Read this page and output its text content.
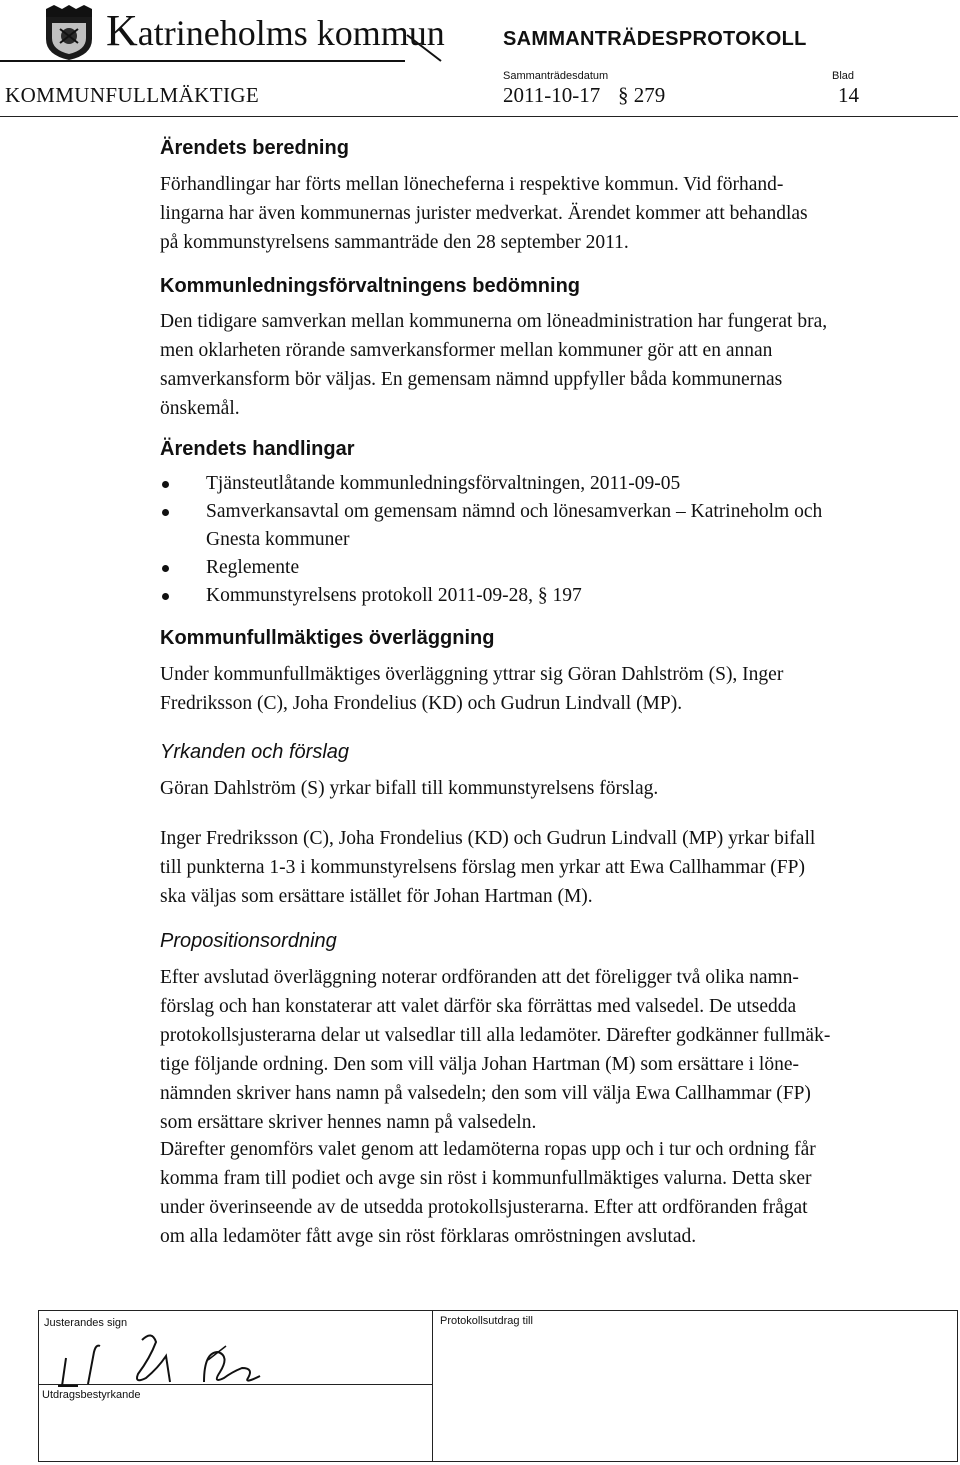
Katrineholms kommun	SAMMANTRÄDESPROTOKOLL
KOMMUNFULLMÄKTIGE
Sammanträdesdatum
2011-10-17 § 279
Blad
14
Ärendets beredning
Förhandlingar har förts mellan lönecheferna i respektive kommun. Vid förhand-
lingarna har även kommunernas jurister medverkat. Ärendet kommer att behandlas
på kommunstyrelsens sammanträde den 28 september 2011.
Kommunledningsförvaltningens bedömning
Den tidigare samverkan mellan kommunerna om löneadministration har fungerat bra,
men oklarheten rörande samverkansformer mellan kommuner gör att en annan
samverkansform bör väljas. En gemensam nämnd uppfyller båda kommunernas
önskemål.
Ärendets handlingar
Tjänsteutlåtande kommunledningsförvaltningen, 2011-09-05
Samverkansavtal om gemensam nämnd och lönesamverkan – Katrineholm och
Gnesta kommuner
Reglemente
Kommunstyrelsens protokoll 2011-09-28, § 197
Kommunfullmäktiges överläggning
Under kommunfullmäktiges överläggning yttrar sig Göran Dahlström (S), Inger
Fredriksson (C), Joha Frondelius (KD) och Gudrun Lindvall (MP).
Yrkanden och förslag
Göran Dahlström (S) yrkar bifall till kommunstyrelsens förslag.
Inger Fredriksson (C), Joha Frondelius (KD) och Gudrun Lindvall (MP) yrkar bifall
till punkterna 1-3 i kommunstyrelsens förslag men yrkar att Ewa Callhammar (FP)
ska väljas som ersättare istället för Johan Hartman (M).
Propositionsordning
Efter avslutad överläggning noterar ordföranden att det föreligger två olika namn-
förslag och han konstaterar att valet därför ska förrättas med valsedel. De utsedda
protokollsjusterarna delar ut valsedlar till alla ledamöter. Därefter godkänner fullmäk-
tige följande ordning. Den som vill välja Johan Hartman (M) som ersättare i löne-
nämnden skriver hans namn på valsedeln; den som vill välja Ewa Callhammar (FP)
som ersättare skriver hennes namn på valsedeln.
Därefter genomförs valet genom att ledamöterna ropas upp och i tur och ordning får
komma fram till podiet och avge sin röst i kommunfullmäktiges valurna. Detta sker
under överinseende av de utsedda protokollsjusterarna. Efter att ordföranden frågat
om alla ledamöter fått avge sin röst förklaras omröstningen avslutad.
Justerandes sign	Protokollsutdrag till
Utdragsbestyrkande
